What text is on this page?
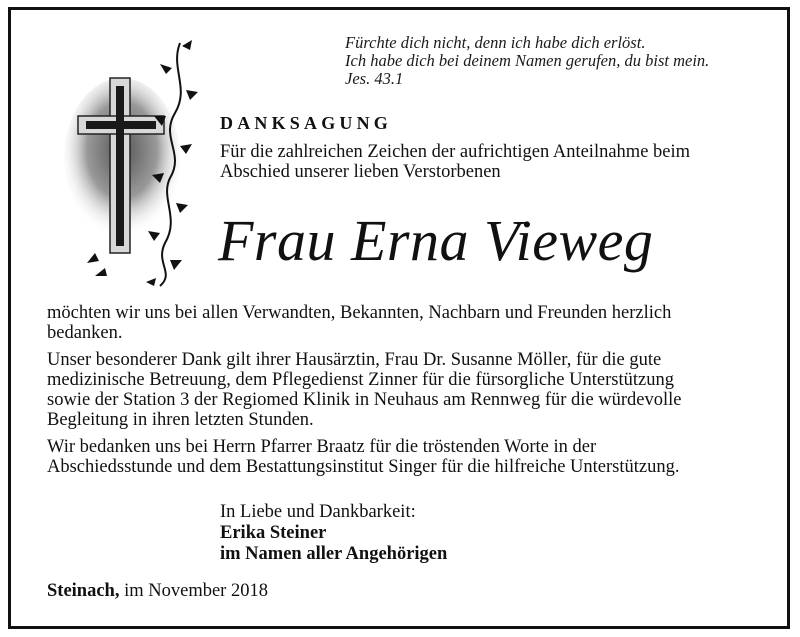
Fürchte dich nicht, denn ich habe dich erlöst.
Ich habe dich bei deinem Namen gerufen, du bist mein.
Jes. 43.1
DANKSAGUNG
Für die zahlreichen Zeichen der aufrichtigen Anteilnahme beim
Abschied unserer lieben Verstorbenen
Frau Erna Vieweg

möchten wir uns bei allen Verwandten, Bekannten, Nachbarn und Freunden herzlich
bedanken.

Unser besonderer Dank gilt ihrer Hausärztin, Frau Dr. Susanne Möller, für die gute
medizinische Betreuung, dem Pflegedienst Zinner für die fürsorgliche Unterstützung
sowie der Station 3 der Regiomed Klinik in Neuhaus am Rennweg für die würdevolle
Begleitung in ihren letzten Stunden.

Wir bedanken uns bei Herrn Pfarrer Braatz für die tröstenden Worte in der
Abschiedsstunde und dem Bestattungsinstitut Singer für die hilfreiche Unterstützung.

In Liebe und Dankbarkeit:
Erika Steiner
im Namen aller Angehörigen
Steinach, im November 2018
